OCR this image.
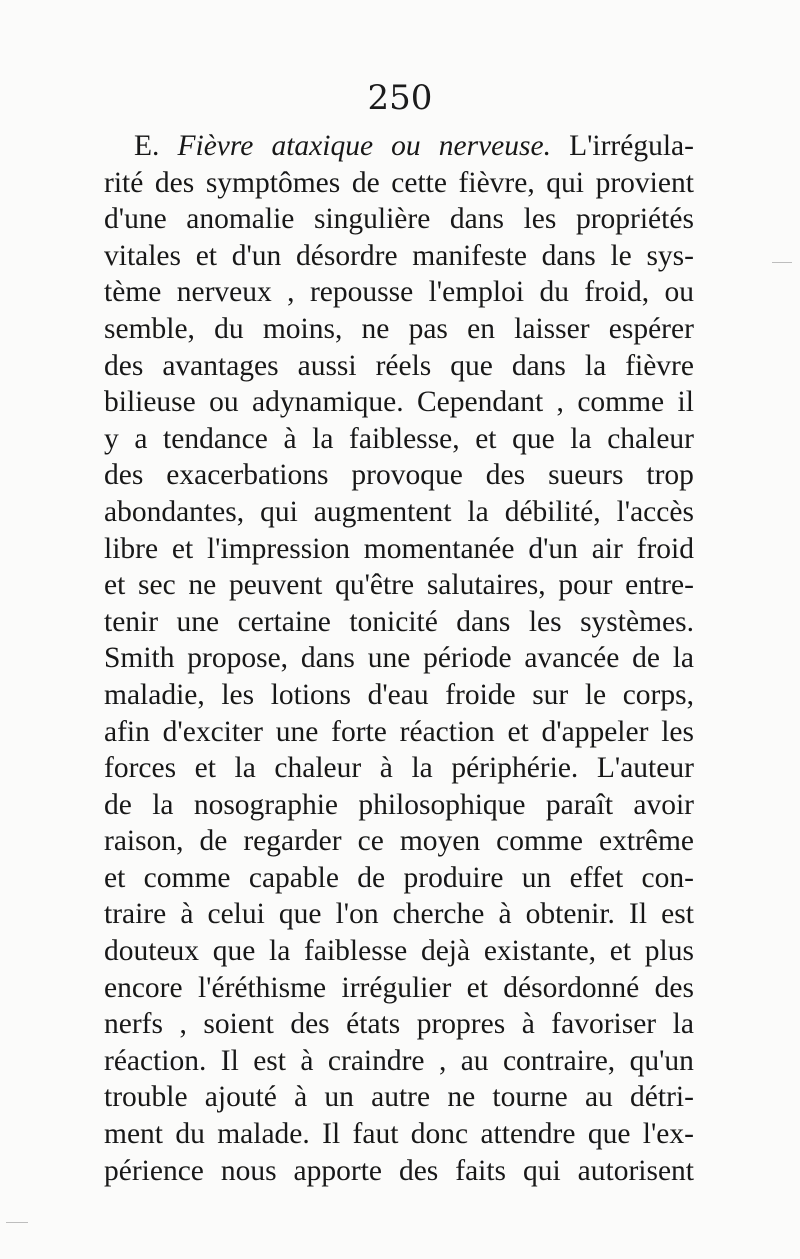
250
E. Fièvre ataxique ou nerveuse. L'irrégula-
rité des symptômes de cette fièvre, qui provient
d'une anomalie singulière dans les propriétés
vitales et d'un désordre manifeste dans le sys-
tème nerveux , repousse l'emploi du froid, ou
semble, du moins, ne pas en laisser espérer
des avantages aussi réels que dans la fièvre
bilieuse ou adynamique. Cependant , comme il
y a tendance à la faiblesse, et que la chaleur
des exacerbations provoque des sueurs trop
abondantes, qui augmentent la débilité, l'accès
libre et l'impression momentanée d'un air froid
et sec ne peuvent qu'être salutaires, pour entre-
tenir une certaine tonicité dans les systèmes.
Smith propose, dans une période avancée de la
maladie, les lotions d'eau froide sur le corps,
afin d'exciter une forte réaction et d'appeler les
forces et la chaleur à la périphérie. L'auteur
de la nosographie philosophique paraît avoir
raison, de regarder ce moyen comme extrême
et comme capable de produire un effet con-
traire à celui que l'on cherche à obtenir. Il est
douteux que la faiblesse dejà existante, et plus
encore l'éréthisme irrégulier et désordonné des
nerfs , soient des états propres à favoriser la
réaction. Il est à craindre , au contraire, qu'un
trouble ajouté à un autre ne tourne au détri-
ment du malade. Il faut donc attendre que l'ex-
périence nous apporte des faits qui autorisent
